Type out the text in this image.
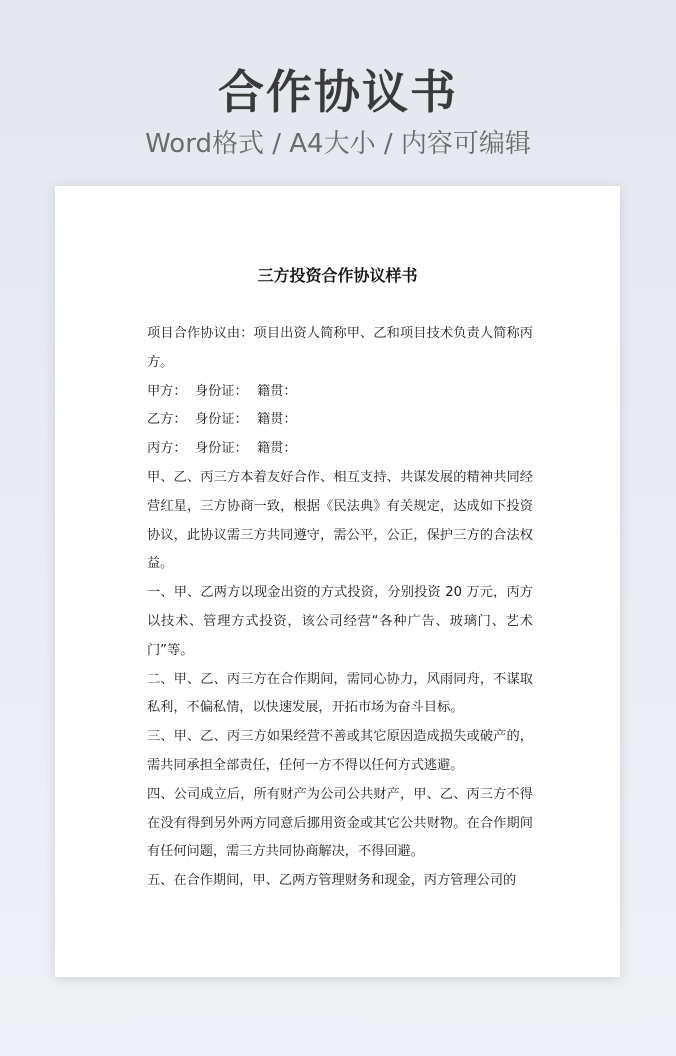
合作协议书
Word格式 / A4大小 / 内容可编辑
三方投资合作协议样书

项目合作协议由：项目出资人简称甲、乙和项目技术负责人简称丙方。

甲方： 身份证： 籍贯：

乙方： 身份证： 籍贯：

丙方： 身份证： 籍贯：

甲、乙、丙三方本着友好合作、相互支持、共谋发展的精神共同经营红星，三方协商一致，根据《民法典》有关规定，达成如下投资协议，此协议需三方共同遵守，需公平，公正，保护三方的合法权益。

一、甲、乙两方以现金出资的方式投资，分别投资 20 万元，丙方以技术、管理方式投资，该公司经营“各种广告、玻璃门、艺术门”等。

二、甲、乙、丙三方在合作期间，需同心协力，风雨同舟，不谋取私利，不偏私情，以快速发展，开拓市场为奋斗目标。

三、甲、乙、丙三方如果经营不善或其它原因造成损失或破产的，需共同承担全部责任，任何一方不得以任何方式逃避。

四、公司成立后，所有财产为公司公共财产，甲、乙、丙三方不得在没有得到另外两方同意后挪用资金或其它公共财物。在合作期间有任何问题，需三方共同协商解决，不得回避。

五、在合作期间，甲、乙两方管理财务和现金，丙方管理公司的
